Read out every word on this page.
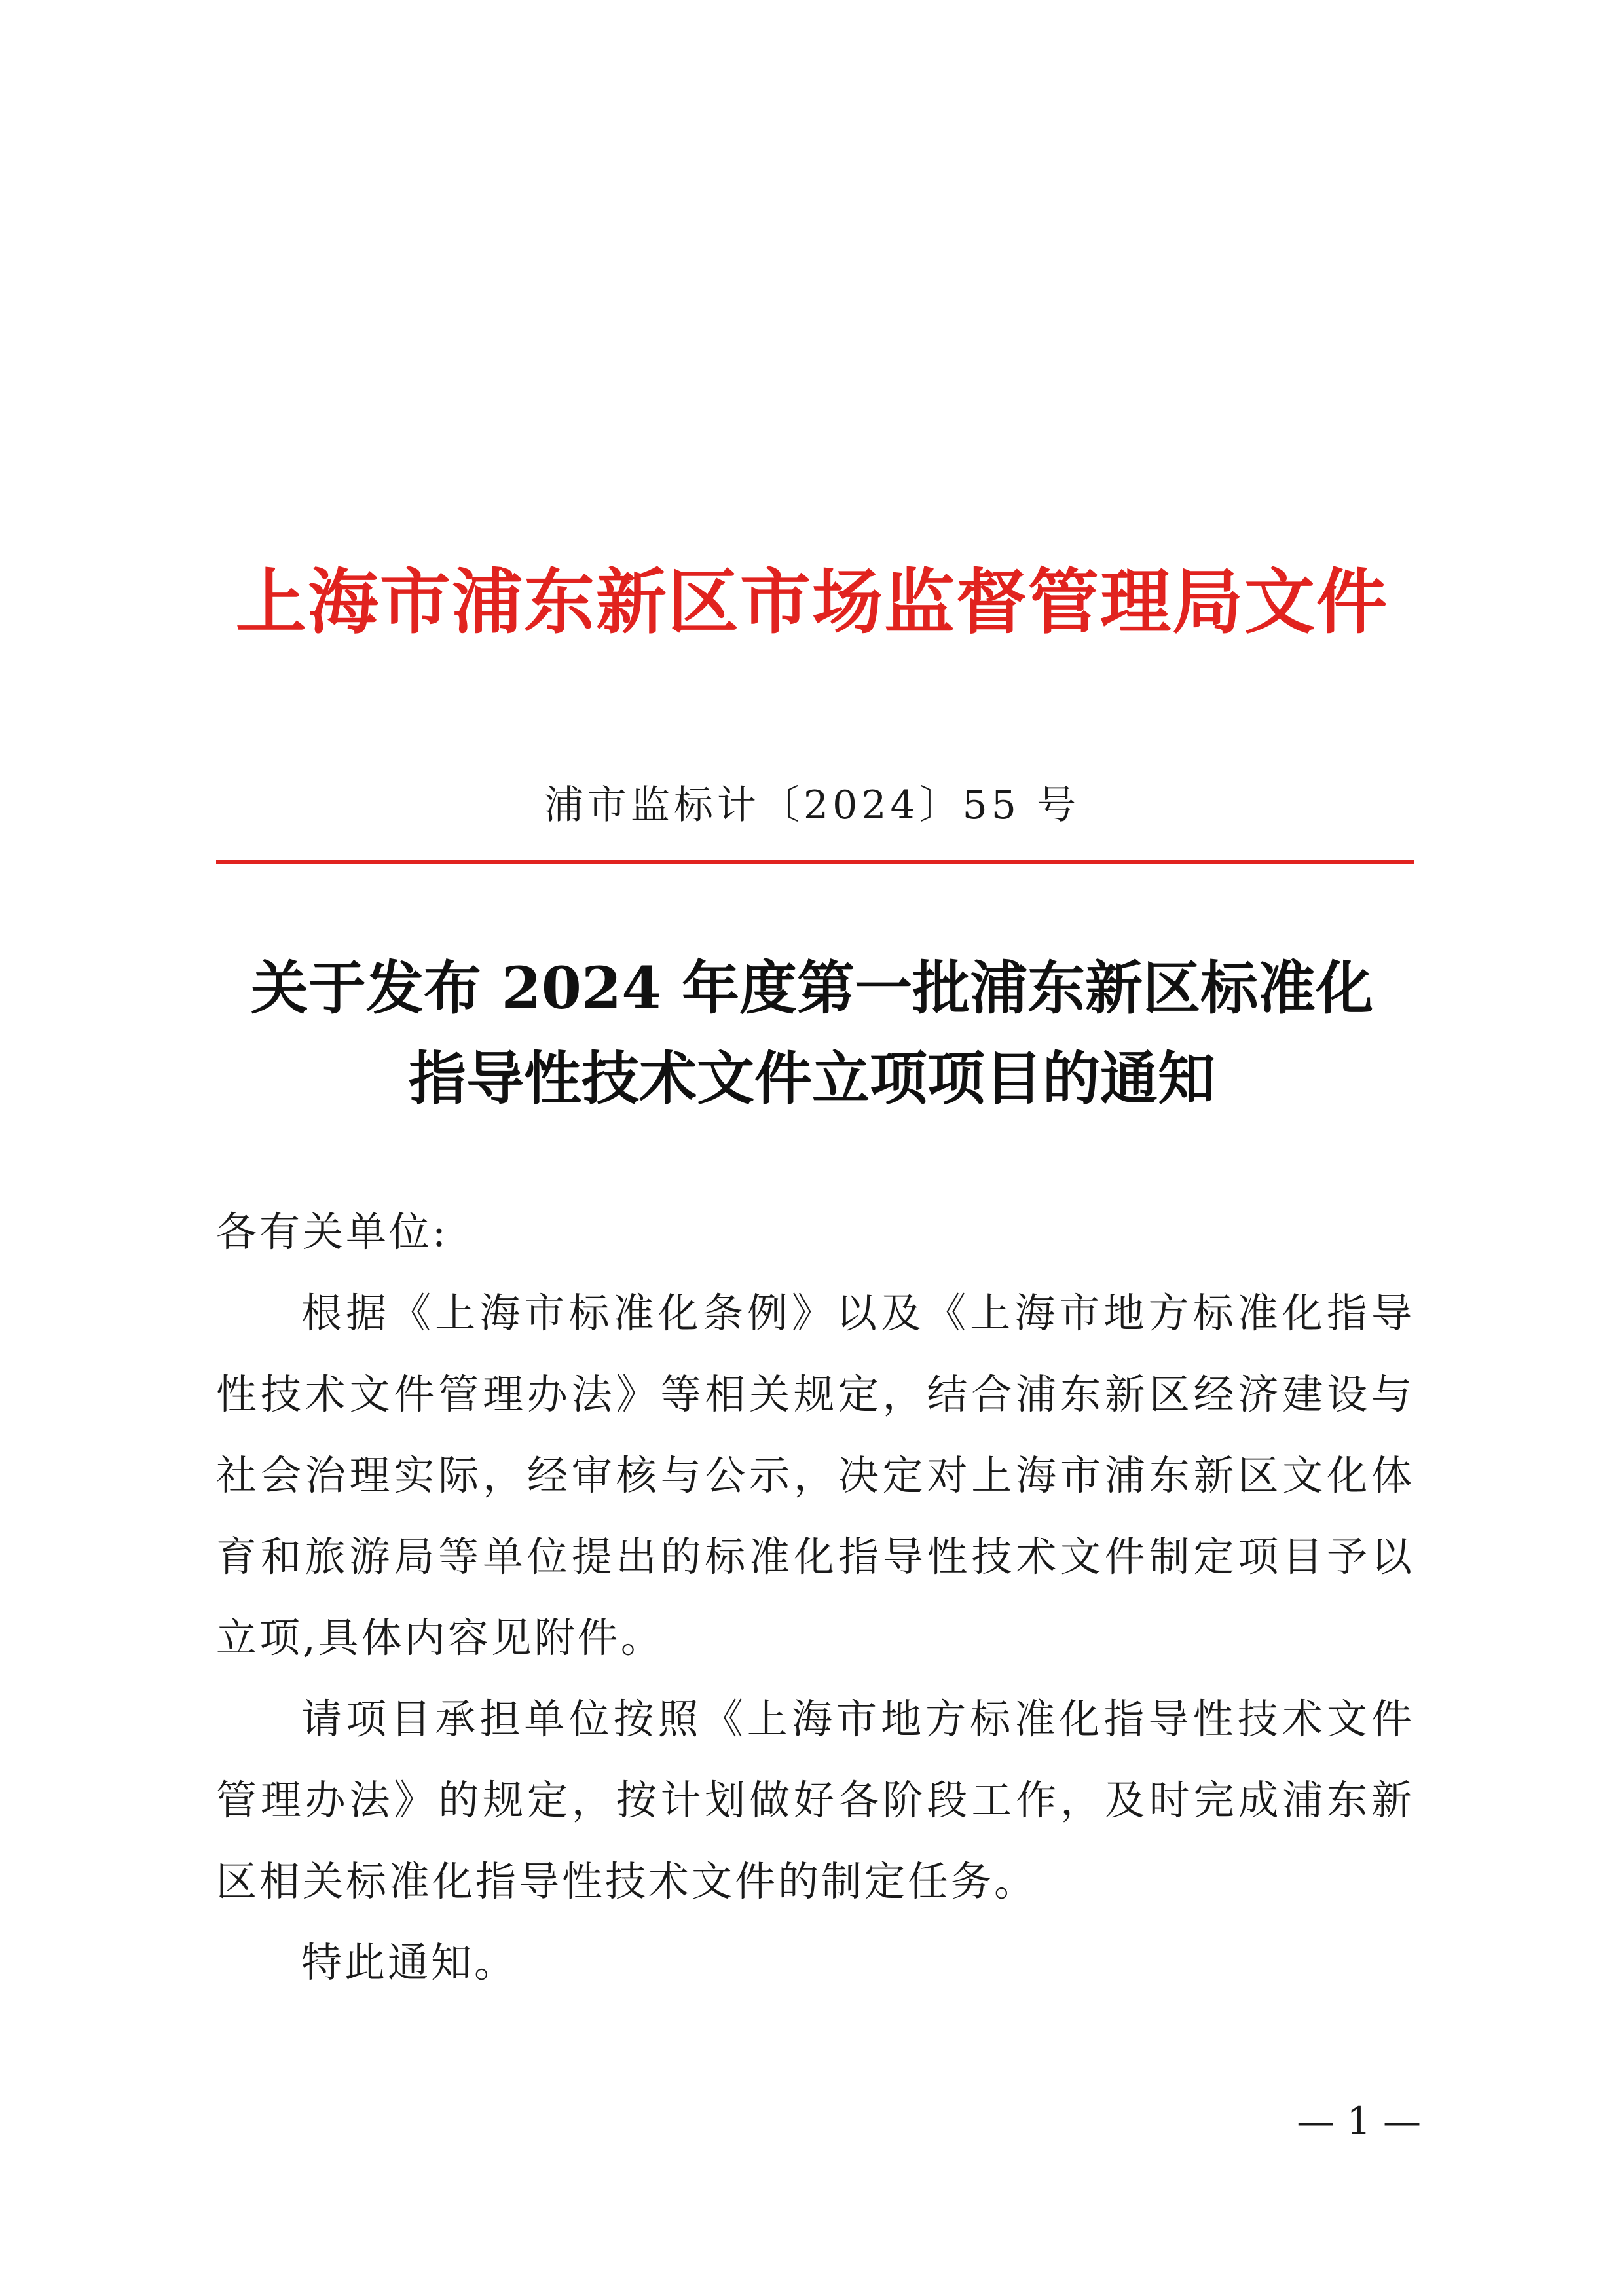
上海市浦东新区市场监督管理局文件
浦市监标计〔2024〕55 号
关于发布 2024 年度第一批浦东新区标准化
指导性技术文件立项项目的通知

各有关单位:

根据《上海市标准化条例》以及《上海市地方标准化指导性技术文件管理办法》等相关规定，结合浦东新区经济建设与社会治理实际，经审核与公示，决定对上海市浦东新区文化体育和旅游局等单位提出的标准化指导性技术文件制定项目予以立项,具体内容见附件。

请项目承担单位按照《上海市地方标准化指导性技术文件管理办法》的规定，按计划做好各阶段工作，及时完成浦东新区相关标准化指导性技术文件的制定任务。

特此通知。

— 1 —
